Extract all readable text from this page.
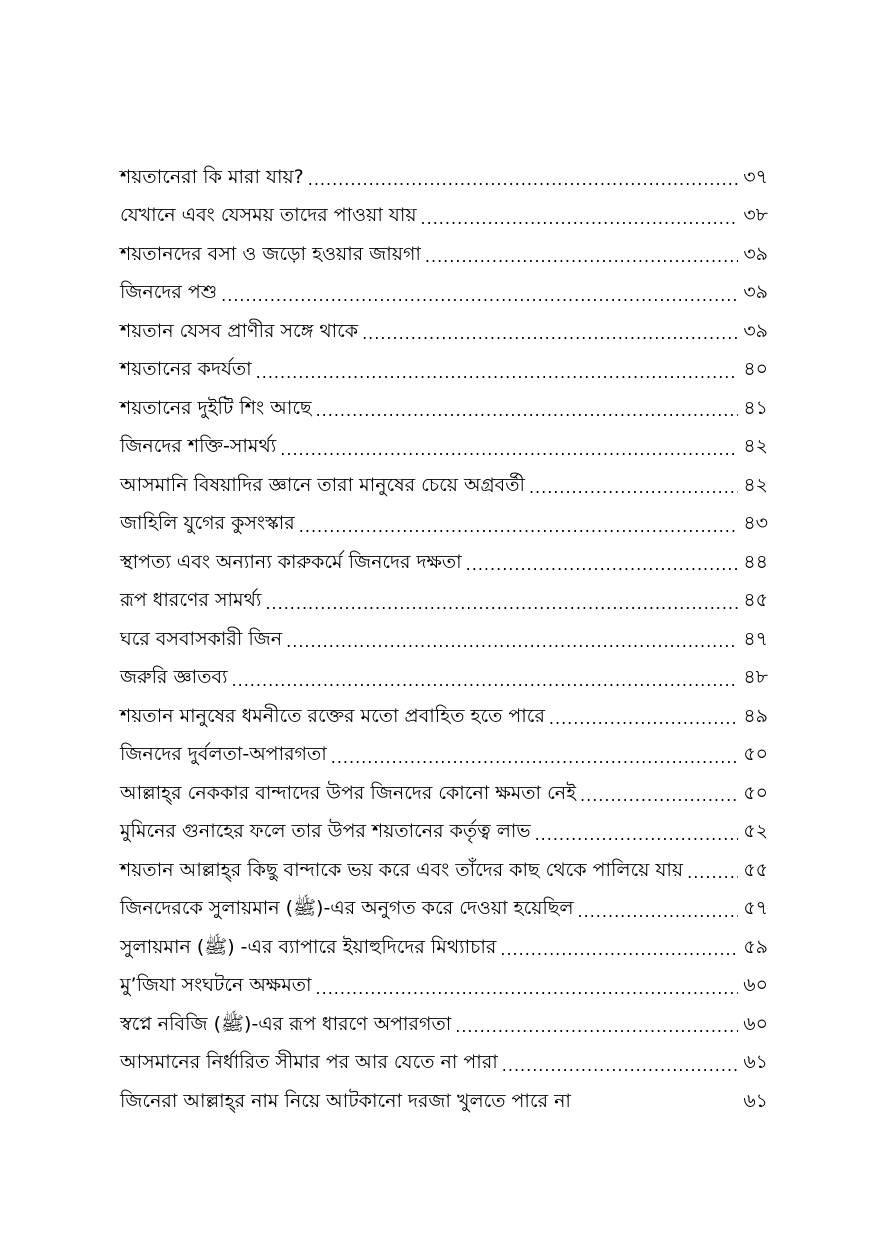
শয়তানেরা কি মারা যায়? .....	৩৭
যেখানে এবং যেসময় তাদের পাওয়া যায় .....	৩৮
শয়তানদের বসা ও জড়ো হওয়ার জায়গা .....	৩৯
জিনদের পশু .....	৩৯
শয়তান যেসব প্রাণীর সঙ্গে থাকে .....	৩৯
শয়তানের কদর্যতা .....	৪০
শয়তানের দুইটি শিং আছে .....	৪১
জিনদের শক্তি-সামর্থ্য .....	৪২
আসমানি বিষয়াদির জ্ঞানে তারা মানুষের চেয়ে অগ্রবর্তী .....	৪২
জাহিলি যুগের কুসংস্কার .....	৪৩
স্থাপত্য এবং অন্যান্য কারুকর্মে জিনদের দক্ষতা .....	৪৪
রূপ ধারণের সামর্থ্য .....	৪৫
ঘরে বসবাসকারী জিন .....	৪৭
জরুরি জ্ঞাতব্য .....	৪৮
শয়তান মানুষের ধমনীতে রক্তের মতো প্রবাহিত হতে পারে .....	৪৯
জিনদের দুর্বলতা-অপারগতা .....	৫০
আল্লাহ্‌র নেককার বান্দাদের উপর জিনদের কোনো ক্ষমতা নেই .....	৫০
মুমিনের গুনাহের ফলে তার উপর শয়তানের কর্তৃত্ব লাভ .....	৫২
শয়তান আল্লাহ্‌র কিছু বান্দাকে ভয় করে এবং তাঁদের কাছ থেকে পালিয়ে যায় .....	৫৫
জিনদেরকে সুলায়মান (ﷺ)-এর অনুগত করে দেওয়া হয়েছিল .....	৫৭
সুলায়মান (ﷺ) -এর ব্যাপারে ইয়াহুদিদের মিথ্যাচার .....	৫৯
মু’জিযা সংঘটনে অক্ষমতা .....	৬০
স্বপ্নে নবিজি (ﷺ)-এর রূপ ধারণে অপারগতা .....	৬০
আসমানের নির্ধারিত সীমার পর আর যেতে না পারা .....	৬১
জিনেরা আল্লাহ্‌র নাম নিয়ে আটকানো দরজা খুলতে পারে না	৬১
